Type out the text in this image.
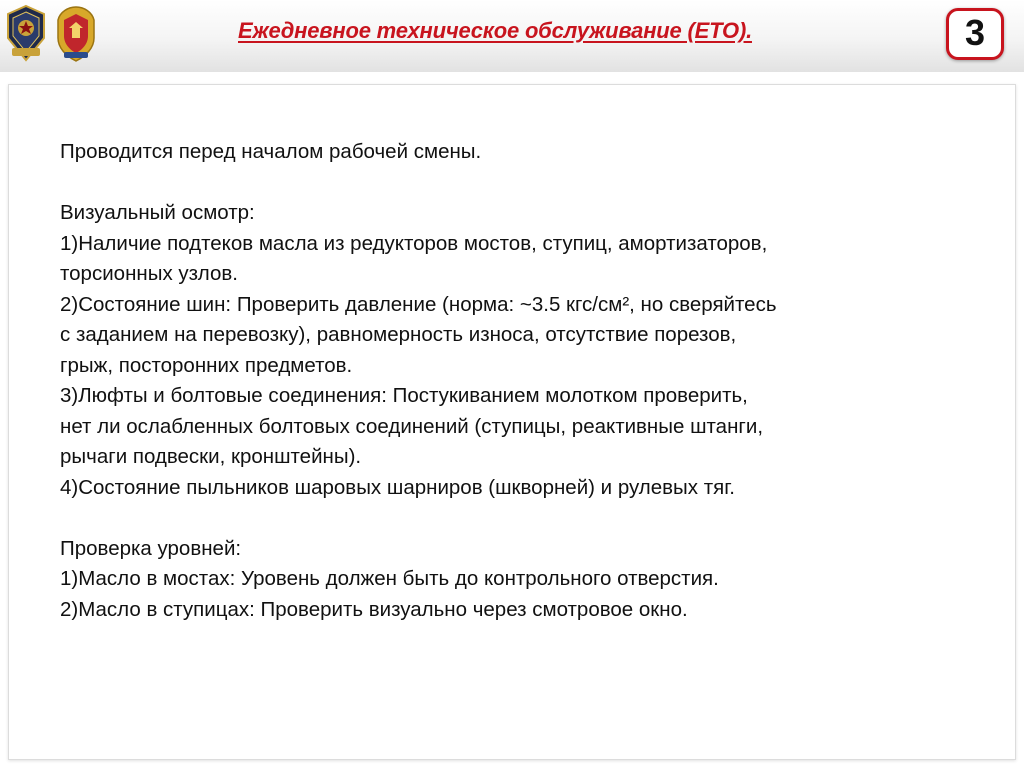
Ежедневное техническое обслуживание (ЕТО).	3
Проводится перед началом рабочей смены.
Визуальный осмотр:
1)Наличие подтеков масла из редукторов мостов, ступиц, амортизаторов,
торсионных узлов.
2)Состояние шин: Проверить давление (норма: ~3.5 кгс/см², но сверяйтесь
с заданием на перевозку), равномерность износа, отсутствие порезов,
грыж, посторонних предметов.
3)Люфты и болтовые соединения: Постукиванием молотком проверить,
нет ли ослабленных болтовых соединений (ступицы, реактивные штанги,
рычаги подвески, кронштейны).
4)Состояние пыльников шаровых шарниров (шкворней) и рулевых тяг.
Проверка уровней:
1)Масло в мостах: Уровень должен быть до контрольного отверстия.
2)Масло в ступицах: Проверить визуально через смотровое окно.
